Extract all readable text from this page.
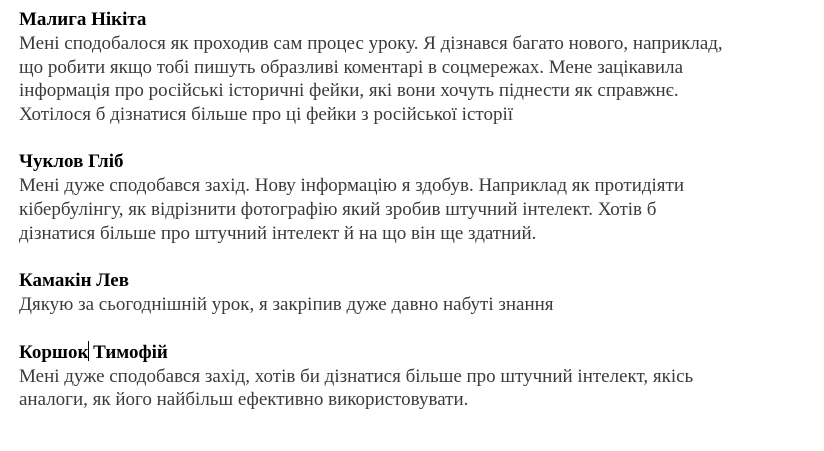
Малига Нікіта
Мені сподобалося як проходив сам процес уроку. Я дізнався багато нового, наприклад,
що робити якщо тобі пишуть образливі коментарі в соцмережах. Мене зацікавила
інформація про російські історичні фейки, які вони хочуть піднести як справжнє.
Хотілося б дізнатися більше про ці фейки з російської історії
Чуклов Гліб
Мені дуже сподобався захід. Нову інформацію я здобув. Наприклад як протидіяти
кібербулінгу, як відрізнити фотографію який зробив штучний інтелект. Хотів б
дізнатися більше про штучний інтелект й на що він ще здатний.
Камакін Лев
Дякую за сьогоднішній урок, я закріпив дуже давно набуті знання
Коршок Тимофій
Мені дуже сподобався захід, хотів би дізнатися більше про штучний інтелект, якісь
аналоги, як його найбільш ефективно використовувати.
